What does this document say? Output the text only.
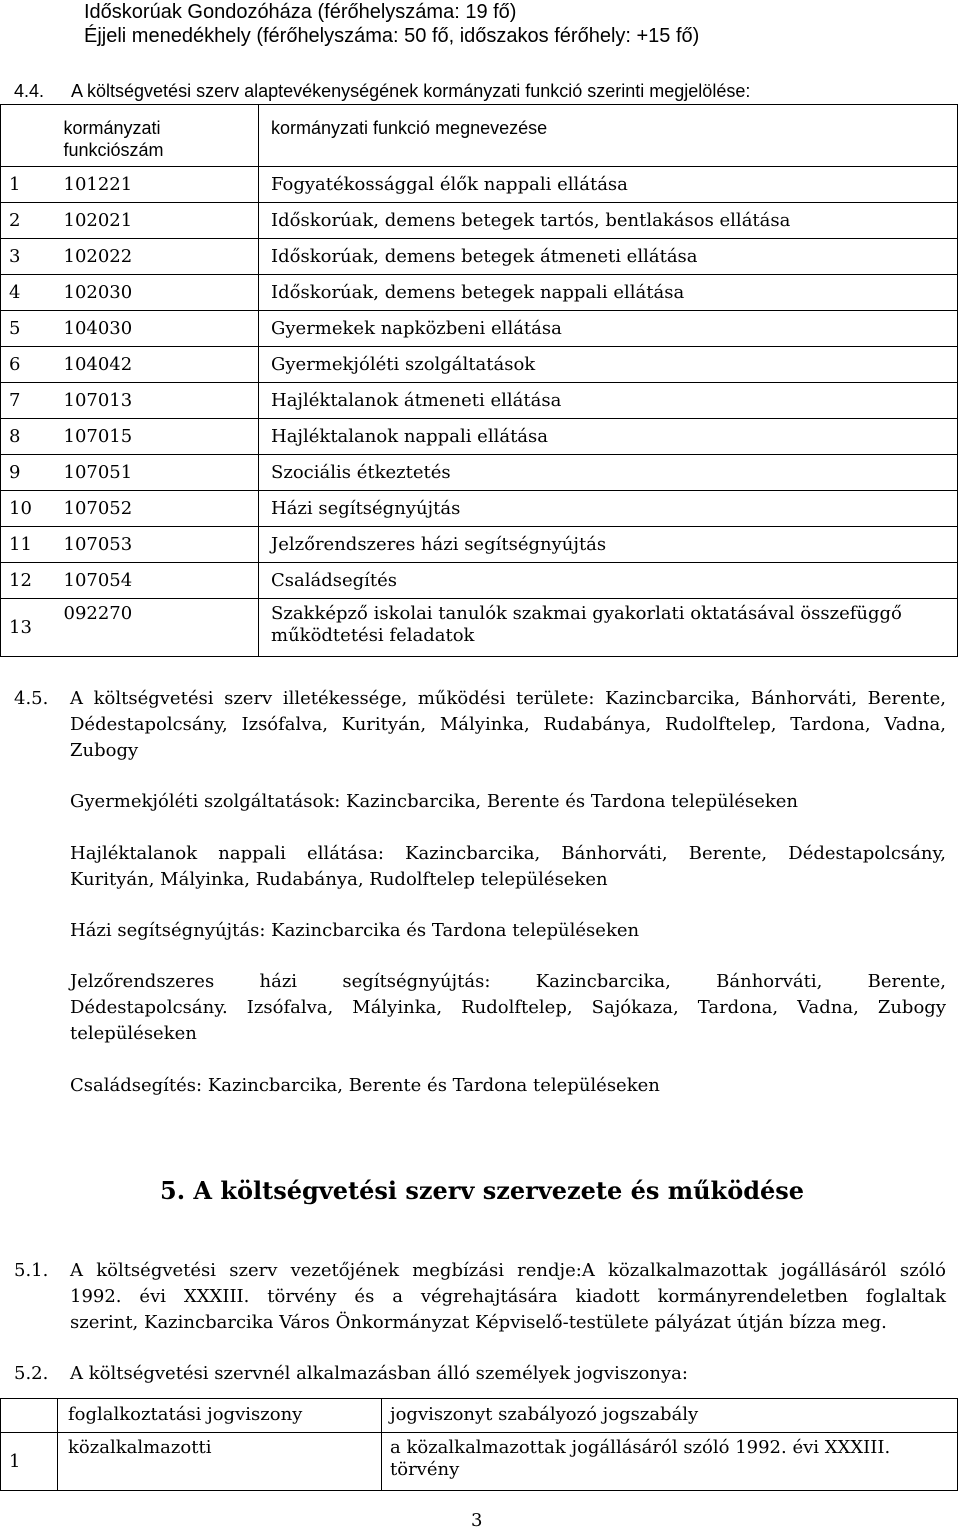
Időskorúak Gondozóháza (férőhelyszáma: 19 fő)
Éjjeli menedékhely (férőhelyszáma: 50 fő, időszakos férőhely: +15 fő)
4.4. A költségvetési szerv alaptevékenységének kormányzati funkció szerinti megjelölése:

	kormányzati
funkciószám	kormányzati funkció megnevezése

1	101221	Fogyatékossággal élők nappali ellátása
2	102021	Időskorúak, demens betegek tartós, bentlakásos ellátása
3	102022	Időskorúak, demens betegek átmeneti ellátása
4	102030	Időskorúak, demens betegek nappali ellátása
5	104030	Gyermekek napközbeni ellátása
6	104042	Gyermekjóléti szolgáltatások
7	107013	Hajléktalanok átmeneti ellátása
8	107015	Hajléktalanok nappali ellátása
9	107051	Szociális étkeztetés
10	107052	Házi segítségnyújtás
11	107053	Jelzőrendszeres házi segítségnyújtás
12	107054	Családsegítés
13	092270	Szakképző iskolai tanulók szakmai gyakorlati oktatásával összefüggő
működtetési feladatok
4.5. A költségvetési szerv illetékessége, működési területe: Kazincbarcika, Bánhorváti, Berente,
Dédestapolcsány, Izsófalva, Kurityán, Mályinka, Rudabánya, Rudolftelep, Tardona, Vadna,
Zubogy
Gyermekjóléti szolgáltatások: Kazincbarcika, Berente és Tardona településeken
Hajléktalanok nappali ellátása: Kazincbarcika, Bánhorváti, Berente, Dédestapolcsány,
Kurityán, Mályinka, Rudabánya, Rudolftelep településeken
Házi segítségnyújtás: Kazincbarcika és Tardona településeken
Jelzőrendszeres házi segítségnyújtás: Kazincbarcika, Bánhorváti, Berente,
Dédestapolcsány. Izsófalva, Mályinka, Rudolftelep, Sajókaza, Tardona, Vadna, Zubogy
településeken
Családsegítés: Kazincbarcika, Berente és Tardona településeken
5. A költségvetési szerv szervezete és működése
5.1. A költségvetési szerv vezetőjének megbízási rendje:A közalkalmazottak jogállásáról szóló
1992. évi XXXIII. törvény és a végrehajtására kiadott kormányrendeletben foglaltak
szerint, Kazincbarcika Város Önkormányzat Képviselő-testülete pályázat útján bízza meg.
5.2. A költségvetési szervnél alkalmazásban álló személyek jogviszonya:
	foglalkoztatási jogviszony	jogviszonyt szabályozó jogszabály
1	közalkalmazotti	a közalkalmazottak jogállásáról szóló 1992. évi XXXIII.
törvény
3
